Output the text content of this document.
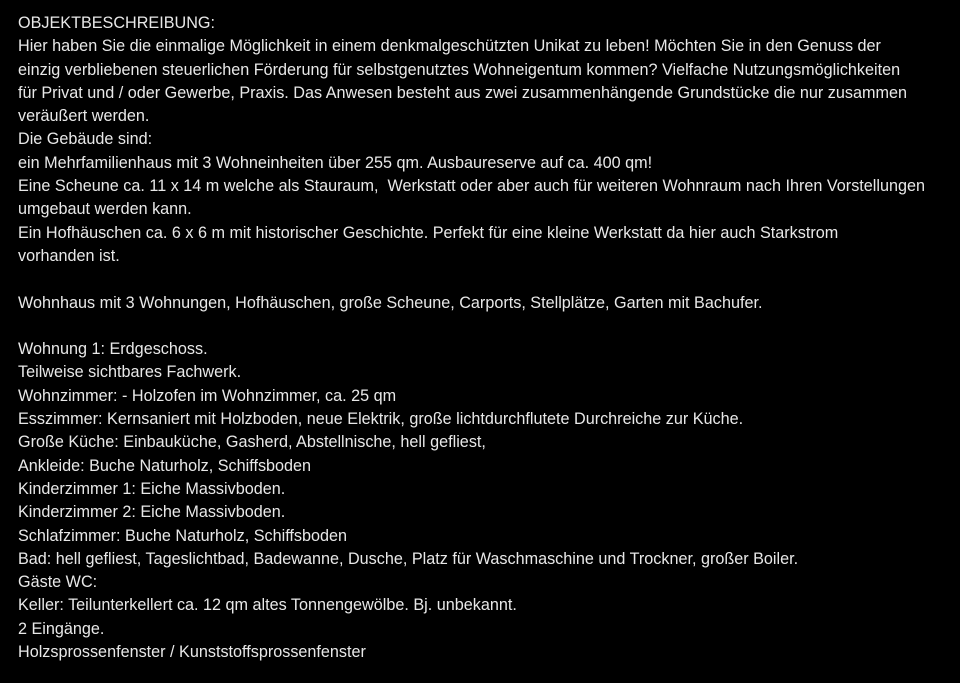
OBJEKTBESCHREIBUNG:
Hier haben Sie die einmalige Möglichkeit in einem denkmalgeschützten Unikat zu leben! Möchten Sie in den Genuss der
einzig verbliebenen steuerlichen Förderung für selbstgenutztes Wohneigentum kommen? Vielfache Nutzungsmöglichkeiten
für Privat und / oder Gewerbe, Praxis. Das Anwesen besteht aus zwei zusammenhängende Grundstücke die nur zusammen
veräußert werden.
Die Gebäude sind:
ein Mehrfamilienhaus mit 3 Wohneinheiten über 255 qm. Ausbaureserve auf ca. 400 qm!
Eine Scheune ca. 11 x 14 m welche als Stauraum,  Werkstatt oder aber auch für weiteren Wohnraum nach Ihren Vorstellungen
umgebaut werden kann.
Ein Hofhäuschen ca. 6 x 6 m mit historischer Geschichte. Perfekt für eine kleine Werkstatt da hier auch Starkstrom
vorhanden ist.
Wohnhaus mit 3 Wohnungen, Hofhäuschen, große Scheune, Carports, Stellplätze, Garten mit Bachufer.
Wohnung 1: Erdgeschoss.
Teilweise sichtbares Fachwerk.
Wohnzimmer: - Holzofen im Wohnzimmer, ca. 25 qm
Esszimmer: Kernsaniert mit Holzboden, neue Elektrik, große lichtdurchflutete Durchreiche zur Küche.
Große Küche: Einbauküche, Gasherd, Abstellnische, hell gefliest,
Ankleide: Buche Naturholz, Schiffsboden
Kinderzimmer 1: Eiche Massivboden.
Kinderzimmer 2: Eiche Massivboden.
Schlafzimmer: Buche Naturholz, Schiffsboden
Bad: hell gefliest, Tageslichtbad, Badewanne, Dusche, Platz für Waschmaschine und Trockner, großer Boiler.
Gäste WC:
Keller: Teilunterkellert ca. 12 qm altes Tonnengewölbe. Bj. unbekannt.
2 Eingänge.
Holzsprossenfenster / Kunststoffsprossenfenster
